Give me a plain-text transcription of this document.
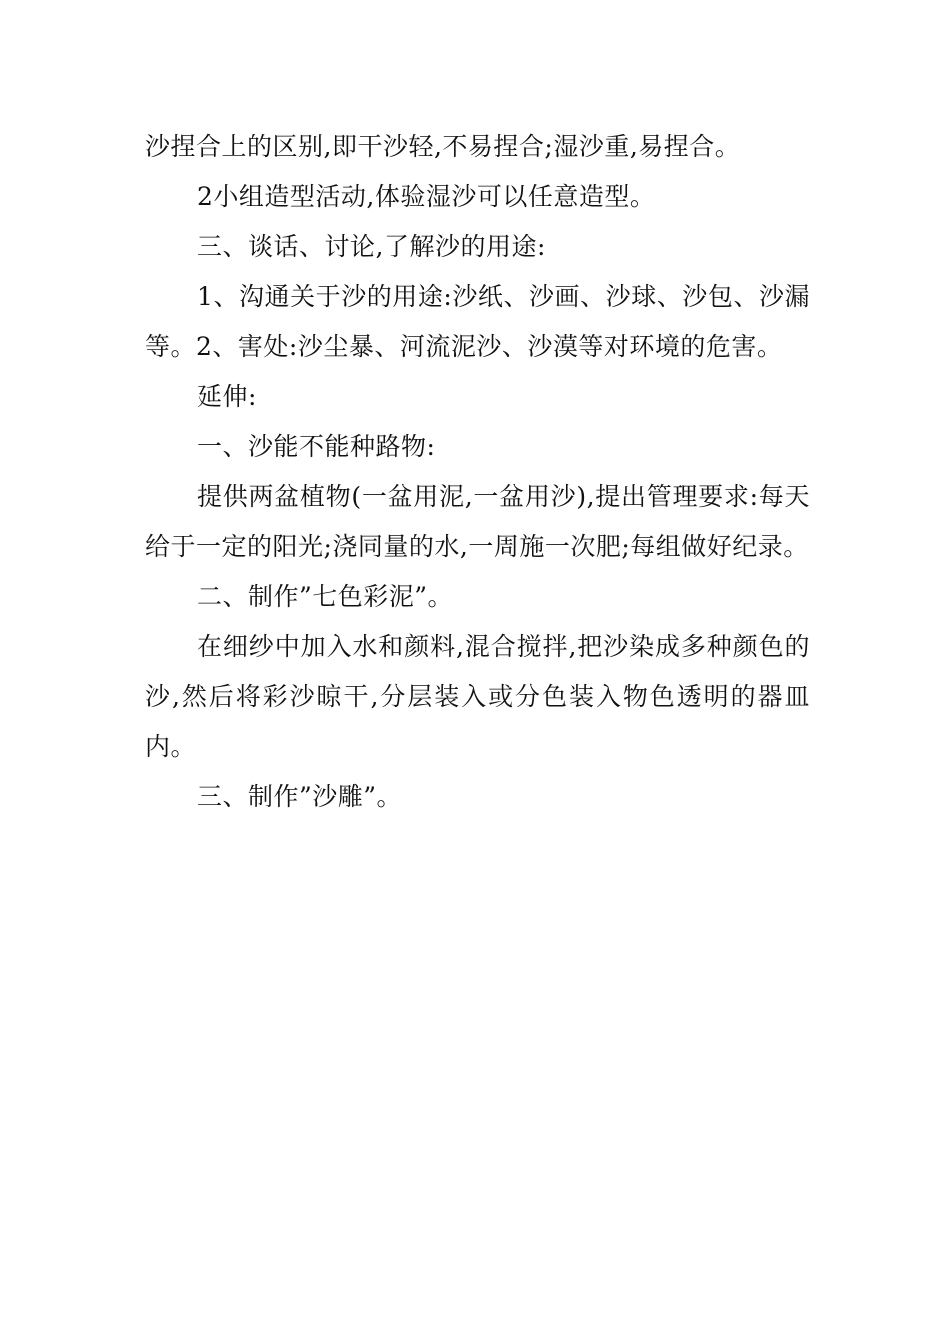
沙捏合上的区别,即干沙轻,不易捏合;湿沙重,易捏合。

2小组造型活动,体验湿沙可以任意造型。

三、谈话、讨论,了解沙的用途:

1、沟通关于沙的用途:沙纸、沙画、沙球、沙包、沙漏等。2、害处:沙尘暴、河流泥沙、沙漠等对环境的危害。

延伸:

一、沙能不能种路物:

提供两盆植物(一盆用泥,一盆用沙),提出管理要求:每天给于一定的阳光;浇同量的水,一周施一次肥;每组做好纪录。

二、制作”七色彩泥”。

在细纱中加入水和颜料,混合搅拌,把沙染成多种颜色的沙,然后将彩沙晾干,分层装入或分色装入物色透明的器皿内。

三、制作”沙雕”。
